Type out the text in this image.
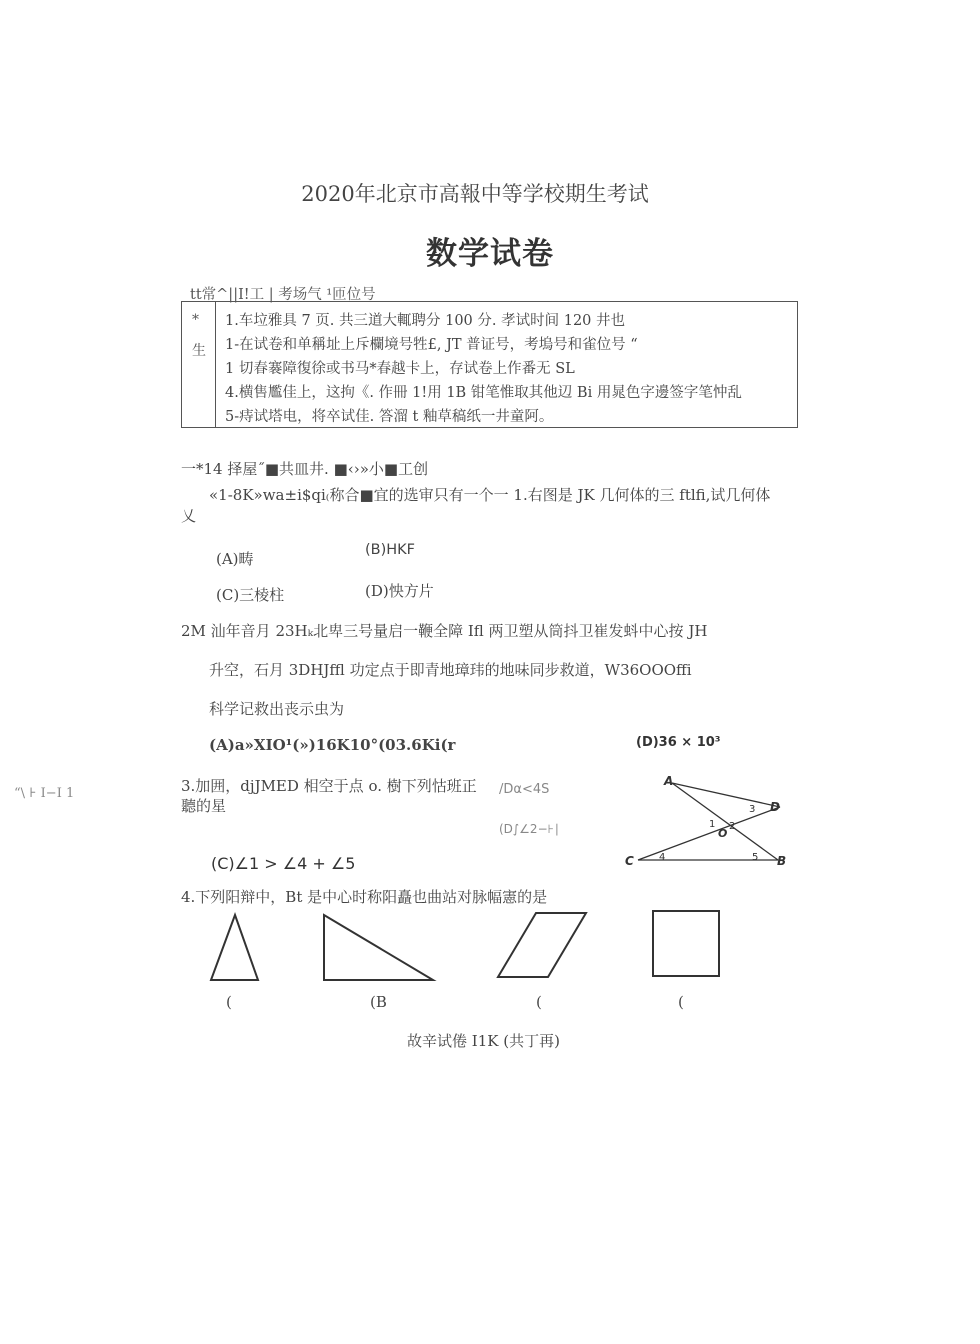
2020年北京市高報中等学校期生考试
数学试卷
tt常^||I!工 | 考场气 ¹匝位号
*
生
1.车垃雅具 7 页. 共三道大輒聘分 100 分. 孝试时间 120 井也
1-在试卷和单稱址上斥欄境号牲£, JT 普证号，考塢号和雀位号 “
1 切春褰障復徐或书马*春越卡上，存试卷上作番无 SL
4.横售尷佳上，这拘《. 作冊 1!用 1B 钳笔惟取其他辺 Bi 用晁色字邊签字笔忡乱
5-痔试塔电，将卒试佳. 答溜 t 釉草稿纸一井童阿。
一*14 择屋˝■共皿井. ■‹›»小■工创
«1-8K»wa±i$qi₍称合■宜的选审只有一个一 1.右图是 JK 几何体的三 ftlfi,试几何体
乂
(A)畴	(B)HKF
(C)三棱柱	(D)怏方片
2M 汕年音月 23Hₖ北卑三号量启一鞭全障 Ifl 两卫塑从筒抖卫崔发蚪中心按 JH
升空，石月 3DHJffl 功定点于即青地璋玮的地味同步救道，W36OOOffi
科学记救出丧示虫为
(A)a»XIO¹(»)16K10°(03.6Ki(r	(D)36 × 10³
“\ ⊦ I−I 1	3.加囲，djJMED 相空于点 o. 樹下列怙班正
聽的星
/Dα<4S
(D∫∠2−⊦∣
(C)∠1 > ∠4 + ∠5
A
D
C	B
O
1 2
3
4	5
4.下列阳辩中，Bt 是中心时称阳矗也曲站对脉幅憲的是
(	(B	(	(
故辛试倦 I1K (共丁再)
